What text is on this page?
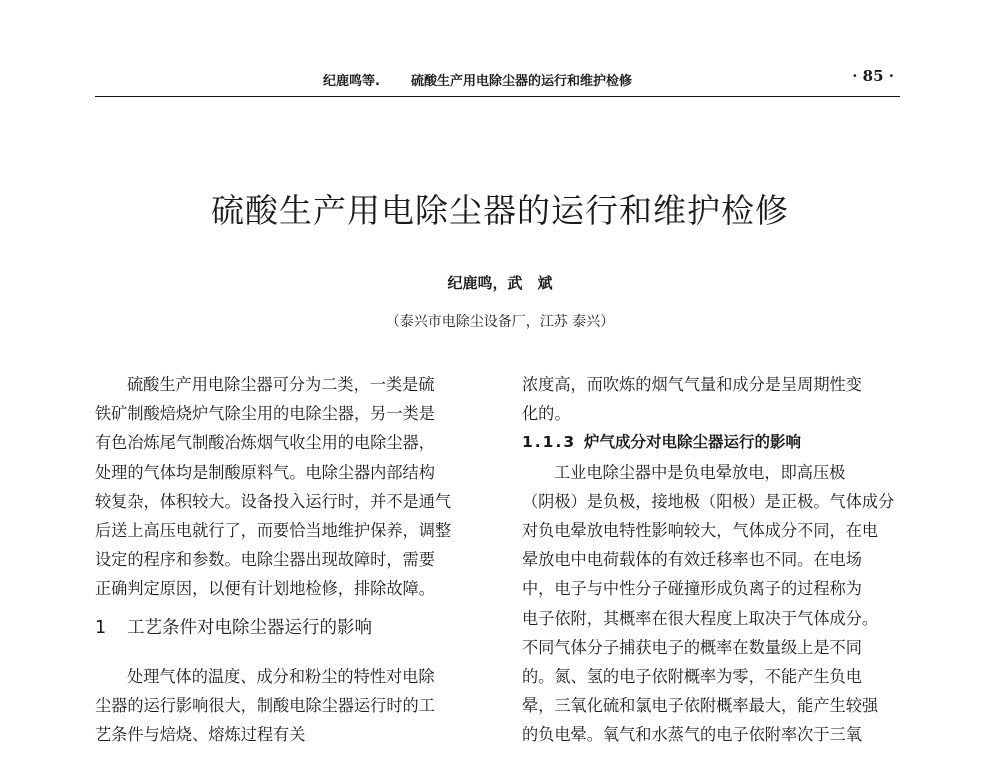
纪鹿鸣等. 硫酸生产用电除尘器的运行和维护检修	· 85 ·
硫酸生产用电除尘器的运行和维护检修
纪鹿鸣，武　斌
（泰兴市电除尘设备厂，江苏 泰兴）
硫酸生产用电除尘器可分为二类，一类是硫
铁矿制酸焙烧炉气除尘用的电除尘器，另一类是
有色冶炼尾气制酸冶炼烟气收尘用的电除尘器，
处理的气体均是制酸原料气。电除尘器内部结构
较复杂，体积较大。设备投入运行时，并不是通气
后送上高压电就行了，而要恰当地维护保养，调整
设定的程序和参数。电除尘器出现故障时，需要
正确判定原因，以便有计划地检修，排除故障。
1 工艺条件对电除尘器运行的影响
处理气体的温度、成分和粉尘的特性对电除
尘器的运行影响很大，制酸电除尘器运行时的工
艺条件与焙烧、熔炼过程有关
浓度高，而吹炼的烟气气量和成分是呈周期性变
化的。
1.1.3 炉气成分对电除尘器运行的影响
工业电除尘器中是负电晕放电，即高压极
（阴极）是负极，接地极（阳极）是正极。气体成分
对负电晕放电特性影响较大，气体成分不同，在电
晕放电中电荷载体的有效迁移率也不同。在电场
中，电子与中性分子碰撞形成负离子的过程称为
电子依附，其概率在很大程度上取决于气体成分。
不同气体分子捕获电子的概率在数量级上是不同
的。氮、氢的电子依附概率为零，不能产生负电
晕，三氧化硫和氯电子依附概率最大，能产生较强
的负电晕。氧气和水蒸气的电子依附率次于三氧
